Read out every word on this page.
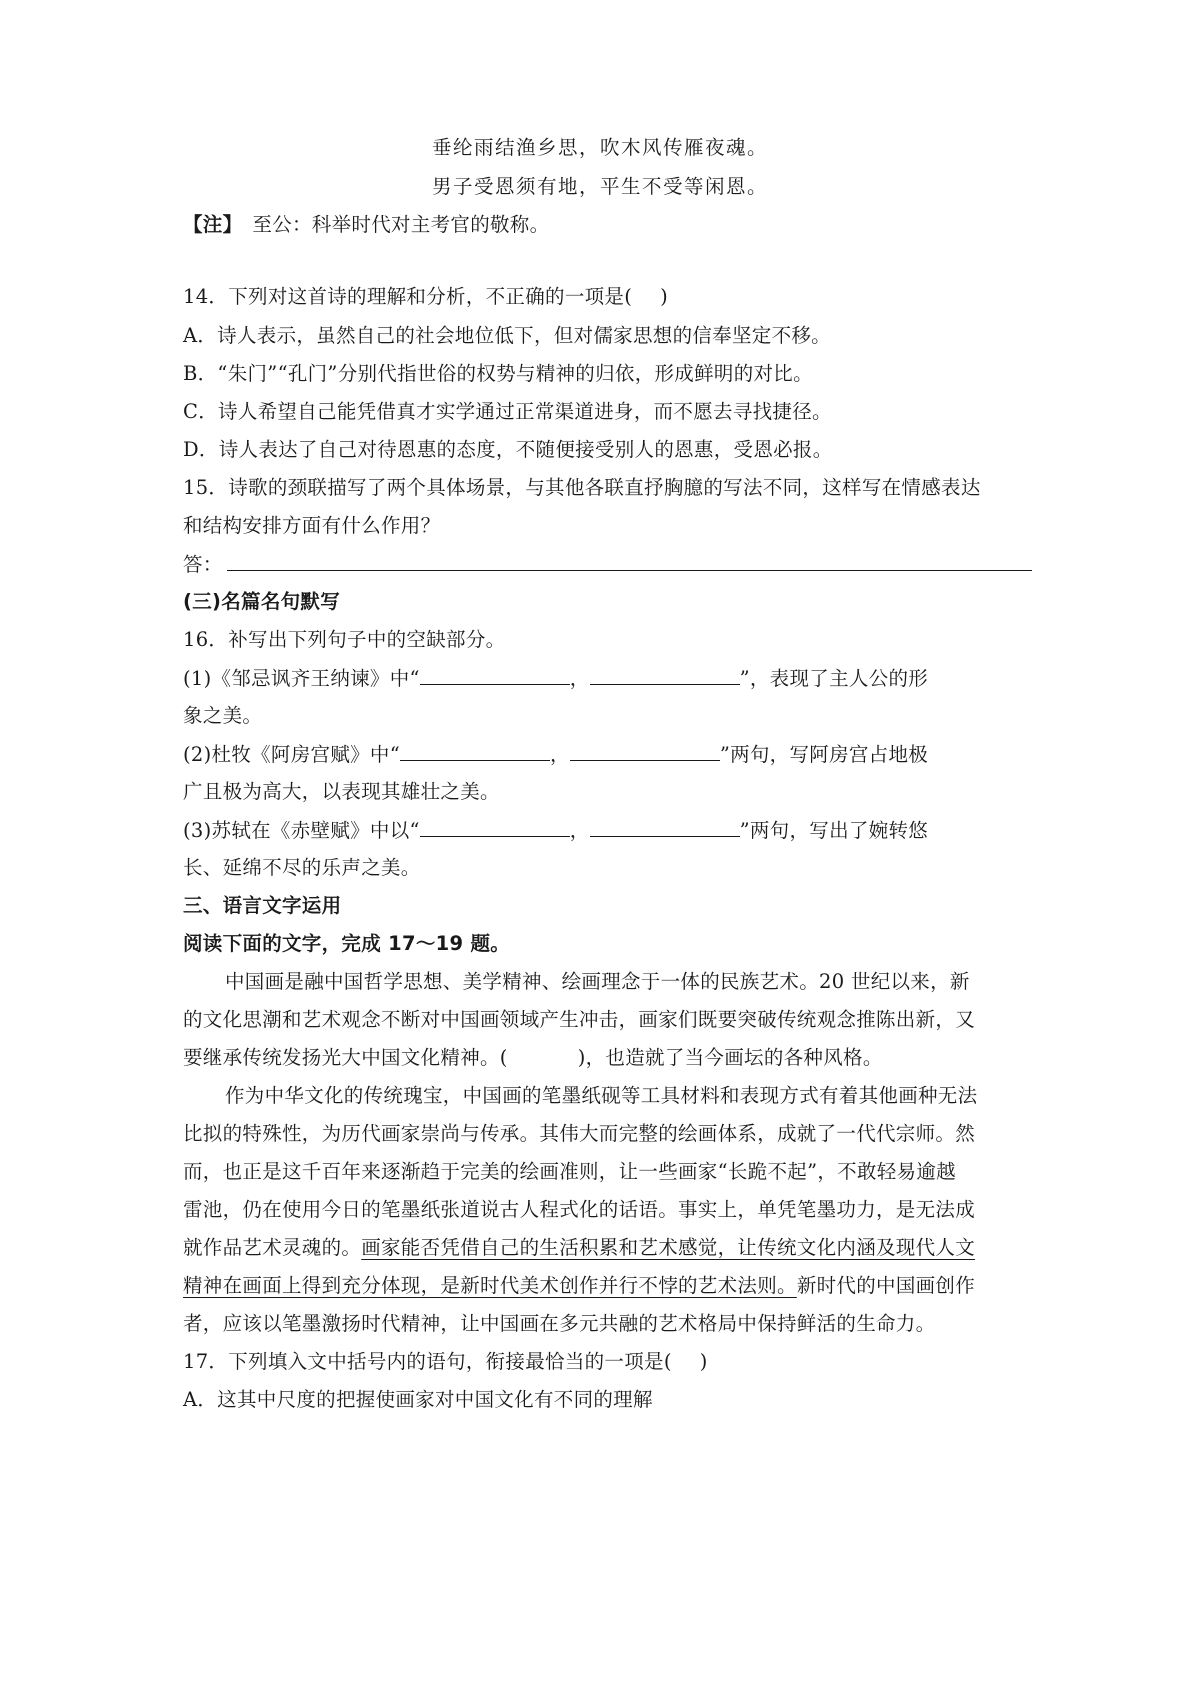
垂纶雨结渔乡思，吹木风传雁夜魂。
男子受恩须有地，平生不受等闲恩。
【注】 至公：科举时代对主考官的敬称。
14．下列对这首诗的理解和分析，不正确的一项是( )
A．诗人表示，虽然自己的社会地位低下，但对儒家思想的信奉坚定不移。
B．“朱门”“孔门”分别代指世俗的权势与精神的归依，形成鲜明的对比。
C．诗人希望自己能凭借真才实学通过正常渠道进身，而不愿去寻找捷径。
D．诗人表达了自己对待恩惠的态度，不随便接受别人的恩惠，受恩必报。
15．诗歌的颈联描写了两个具体场景，与其他各联直抒胸臆的写法不同，这样写在情感表达
和结构安排方面有什么作用？
答：
(三)名篇名句默写
16．补写出下列句子中的空缺部分。
(1)《邹忌讽齐王纳谏》中“	，	”，表现了主人公的形
象之美。
(2)杜牧《阿房宫赋》中“	，	”两句，写阿房宫占地极
广且极为高大，以表现其雄壮之美。
(3)苏轼在《赤壁赋》中以“	，	”两句，写出了婉转悠
长、延绵不尽的乐声之美。
三、语言文字运用
阅读下面的文字，完成 17～19 题。
中国画是融中国哲学思想、美学精神、绘画理念于一体的民族艺术。20 世纪以来，新
的文化思潮和艺术观念不断对中国画领域产生冲击，画家们既要突破传统观念推陈出新，又
要继承传统发扬光大中国文化精神。(	)，也造就了当今画坛的各种风格。
作为中华文化的传统瑰宝，中国画的笔墨纸砚等工具材料和表现方式有着其他画种无法
比拟的特殊性，为历代画家崇尚与传承。其伟大而完整的绘画体系，成就了一代代宗师。然
而，也正是这千百年来逐渐趋于完美的绘画准则，让一些画家“长跪不起”，不敢轻易逾越
雷池，仍在使用今日的笔墨纸张道说古人程式化的话语。事实上，单凭笔墨功力，是无法成
就作品艺术灵魂的。画家能否凭借自己的生活积累和艺术感觉，让传统文化内涵及现代人文
精神在画面上得到充分体现，是新时代美术创作并行不悖的艺术法则。新时代的中国画创作
者，应该以笔墨激扬时代精神，让中国画在多元共融的艺术格局中保持鲜活的生命力。
17．下列填入文中括号内的语句，衔接最恰当的一项是( )
A．这其中尺度的把握使画家对中国文化有不同的理解
